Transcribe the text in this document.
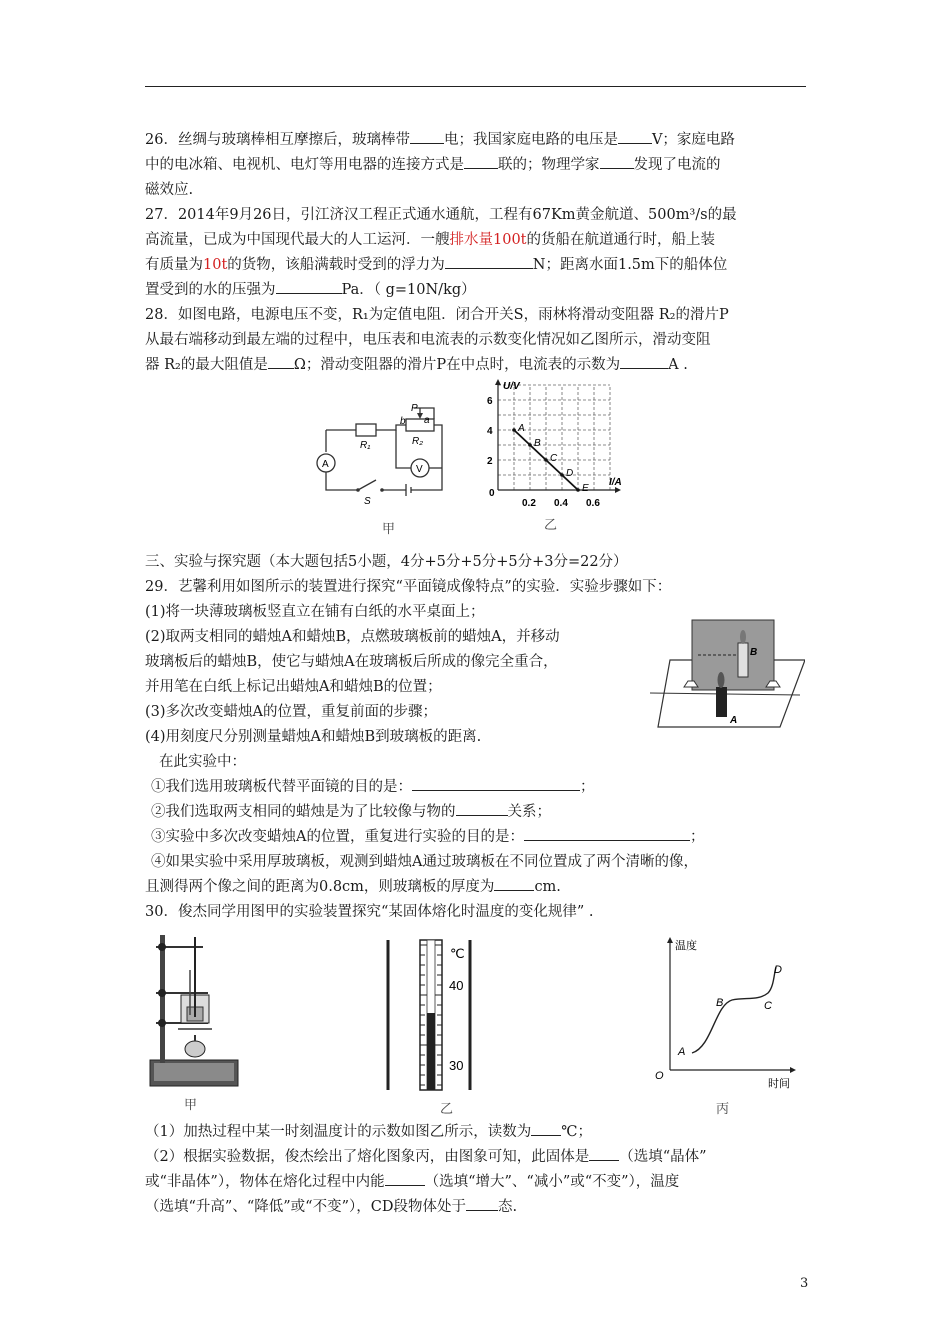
26．丝绸与玻璃棒相互摩擦后，玻璃棒带 电；我国家庭电路的电压是 V；家庭电路
中的电冰箱、电视机、电灯等用电器的连接方式是 联的；物理学家 发现了电流的
磁效应.
27．2014年9月26日，引江济汉工程正式通水通航，工程有67Km黄金航道、500m³/s的最
高流量，已成为中国现代最大的人工运河．一艘排水量100t的货船在航道通行时，船上装
有质量为10t的货物，该船满载时受到的浮力为	N；距离水面1.5m下的船体位
置受到的水的压强为	Pa．（ g=10N/kg）
28．如图电路，电源电压不变，R₁为定值电阻．闭合开关S，雨林将滑动变阻器 R₂的滑片P
从最右端移动到最左端的过程中，电压表和电流表的示数变化情况如乙图所示，滑动变阻
器 R₂的最大阻值是 Ω；滑动变阻器的滑片P在中点时，电流表的示数为	A .
R₁	R₂
b
P
a
A	V
S
甲
U/V
I/A
0
A
B
C
D
E
2
4
6
0.2 0.4 0.6
乙
三、实验与探究题（本大题包括5小题，4分+5分+5分+5分+3分=22分）
29．艺馨利用如图所示的装置进行探究“平面镜成像特点”的实验．实验步骤如下：
(1)将一块薄玻璃板竖直立在铺有白纸的水平桌面上；
(2)取两支相同的蜡烛A和蜡烛B，点燃玻璃板前的蜡烛A，并移动
玻璃板后的蜡烛B，使它与蜡烛A在玻璃板后所成的像完全重合，
并用笔在白纸上标记出蜡烛A和蜡烛B的位置；
(3)多次改变蜡烛A的位置，重复前面的步骤；
(4)用刻度尺分别测量蜡烛A和蜡烛B到玻璃板的距离.
在此实验中：
①我们选用玻璃板代替平面镜的目的是：	；
②我们选取两支相同的蜡烛是为了比较像与物的	关系；
③实验中多次改变蜡烛A的位置，重复进行实验的目的是：	；
④如果实验中采用厚玻璃板，观测到蜡烛A通过玻璃板在不同位置成了两个清晰的像，
且测得两个像之间的距离为0.8cm，则玻璃板的厚度为	cm.
B
A
30．俊杰同学用图甲的实验装置探究“某固体熔化时温度的变化规律” .
甲
℃
40
30
乙
温度
时间
O
A
B	C
D
丙
（1）加热过程中某一时刻温度计的示数如图乙所示，读数为 ℃；
（2）根据实验数据，俊杰绘出了熔化图象丙，由图象可知，此固体是 （选填“晶体”
或“非晶体”），物体在熔化过程中内能	（选填“增大”、“减小”或“不变”），温度
（选填“升高”、“降低”或“不变”），CD段物体处于 态.
3
